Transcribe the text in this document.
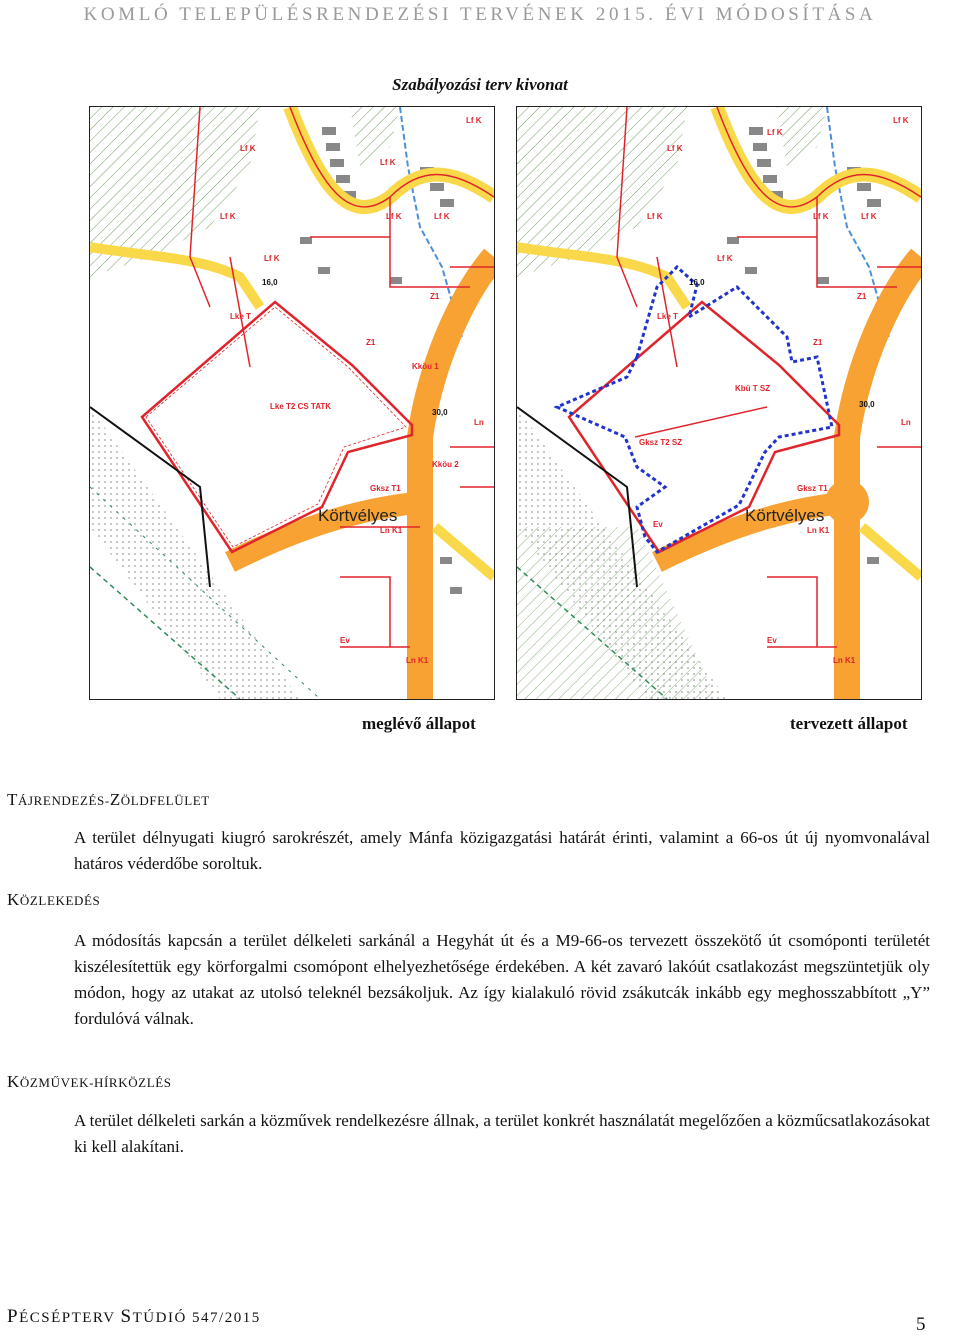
KOMLÓ TELEPÜLÉSRENDEZÉSI TERVÉNEK 2015. ÉVI MÓDOSÍTÁSA
Szabályozási terv kivonat
Lf K
Lf K
Lf K
Lf K	Lf K
Lf K
Lf K
Z1
Z1
Lke T
16,0
Lke T2 CS TATK
30,0
Gksz T1
Ln K1
Ln K1
Ev
Kköu 1
Kköu 2
Ln
Körtvélyes
Lf K
Lf K
Lf K
Lf K	Lf K
Lf K
Lf K
Z1
Z1
Lke T
16,0
Kbü T SZ
Gksz T2 SZ
30,0
Gksz T1
Ln K1
Ln K1
Ev
Ev
Ln
Körtvélyes
meglévő állapot	tervezett állapot
TÁJRENDEZÉS-ZÖLDFELÜLET
A terület délnyugati kiugró sarokrészét, amely Mánfa közigazgatási határát érinti, valamint a 66-os út új nyomvonalával határos véderdőbe soroltuk.
KÖZLEKEDÉS
A módosítás kapcsán a terület délkeleti sarkánál a Hegyhát út és a M9-66-os tervezett összekötő út csomóponti területét kiszélesítettük egy körforgalmi csomópont elhelyezhetősége érdekében. A két zavaró lakóút csatlakozást megszüntetjük oly módon, hogy az utakat az utolsó teleknél bezsákoljuk. Az így kialakuló rövid zsákutcák inkább egy meghosszabbított „Y” fordulóvá válnak.
KÖZMŰVEK-HÍRKÖZLÉS
A terület délkeleti sarkán a közművek rendelkezésre állnak, a terület konkrét használatát megelőzően a közműcsatlakozásokat ki kell alakítani.
PÉCSÉPTERV STÚDIÓ 547/2015	5
